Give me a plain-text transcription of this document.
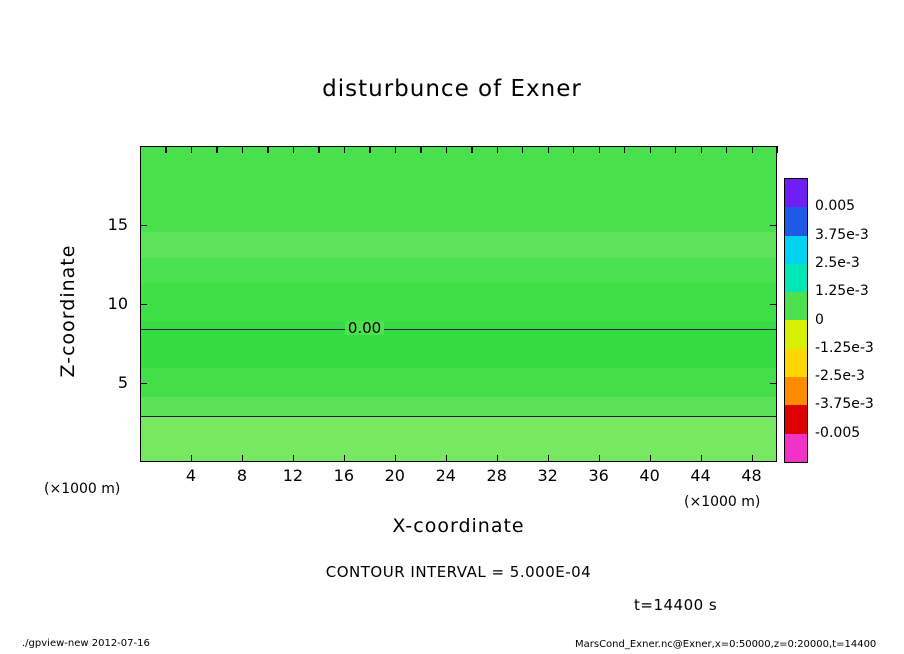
disturbunce of Exner
0.00
4	8	12	16	20	24	28	32	36	40	44	48
5
10
15
Z-coordinate
X-coordinate
(×1000 m)
(×1000 m)
CONTOUR INTERVAL = 5.000E-04
t=14400 s
0.005
3.75e-3
2.5e-3
1.25e-3
0
-1.25e-3
-2.5e-3
-3.75e-3
-0.005
./gpview-new 2012-07-16	MarsCond_Exner.nc@Exner,x=0:50000,z=0:20000,t=14400
